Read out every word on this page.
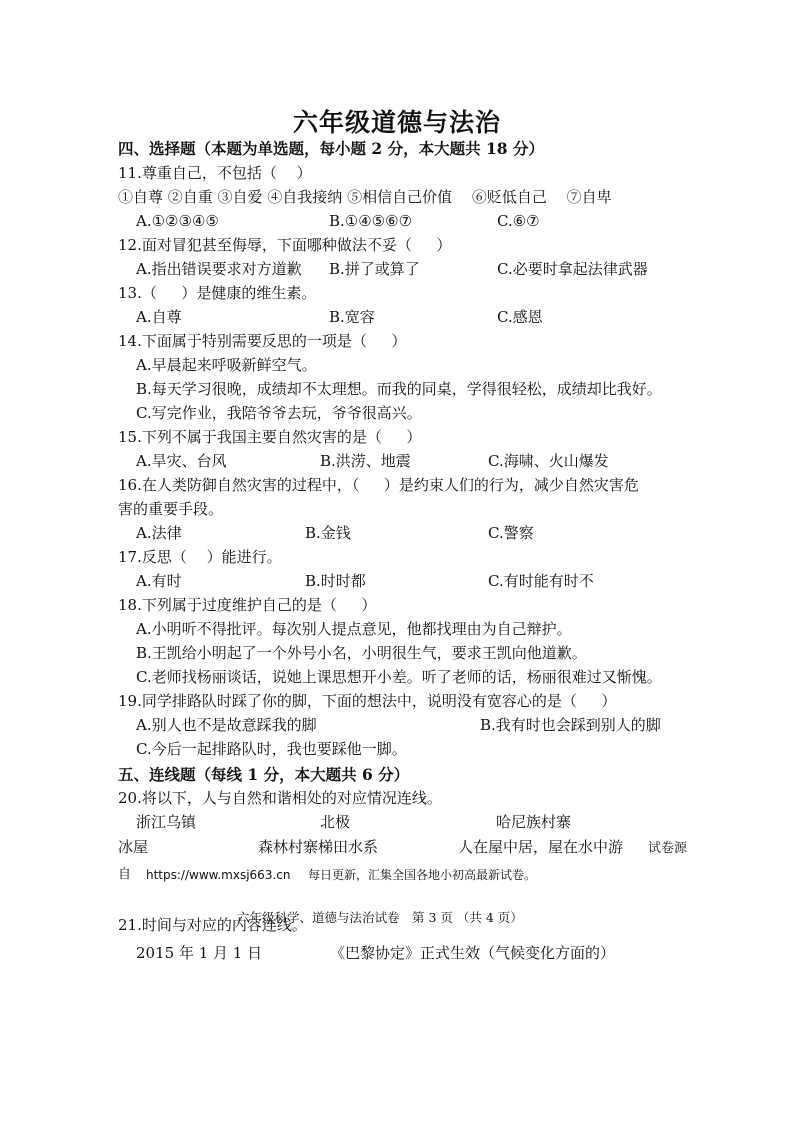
六年级道德与法治
四、选择题（本题为单选题，每小题 2 分，本大题共 18 分）
11.尊重自己，不包括（ 　）
①自尊 ②自重 ③自爱 ④自我接纳 ⑤相信自己价值 　⑥贬低自己 　⑦自卑
A.①②③④⑤	B.①④⑤⑥⑦	C.⑥⑦
12.面对冒犯甚至侮辱，下面哪种做法不妥（ 　 ）
A.指出错误要求对方道歉 B.拼了或算了	C.必要时拿起法律武器
13.（ 　 ）是健康的维生素。
A.自尊	B.宽容	C.感恩
14.下面属于特别需要反思的一项是（ 　 ）
A.早晨起来呼吸新鲜空气。
B.每天学习很晚，成绩却不太理想。而我的同桌，学得很轻松，成绩却比我好。
C.写完作业，我陪爷爷去玩，爷爷很高兴。
15.下列不属于我国主要自然灾害的是（ 　 ）
A.旱灾、台风	B.洪涝、地震	C.海啸、火山爆发
16.在人类防御自然灾害的过程中，（ 　 ）是约束人们的行为，减少自然灾害危
害的重要手段。
A.法律	B.金钱	C.警察
17.反思（ 　）能进行。
A.有时	B.时时都	C.有时能有时不
18.下列属于过度维护自己的是（ 　 ）
A.小明听不得批评。每次别人提点意见，他都找理由为自己辩护。
B.王凯给小明起了一个外号小名，小明很生气，要求王凯向他道歉。
C.老师找杨丽谈话，说她上课思想开小差。听了老师的话，杨丽很难过又惭愧。
19.同学排路队时踩了你的脚，下面的想法中，说明没有宽容心的是（ 　 ）
A.别人也不是故意踩我的脚	B.我有时也会踩到别人的脚
C.今后一起排路队时，我也要踩他一脚。
五、连线题（每线 1 分，本大题共 6 分）
20.将以下，人与自然和谐相处的对应情况连线。
浙江乌镇	北极	哈尼族村寨
冰屋	森林村寨梯田水系	人在屋中居，屋在水中游 试卷源
自 https://www.mxsj663.cn 每日更新，汇集全国各地小初高最新试卷。
六年级科学、道德与法治试卷　第 3 页 （共 4 页）
21.时间与对应的内容连线。
2015 年 1 月 1 日	《巴黎协定》正式生效（气候变化方面的）
